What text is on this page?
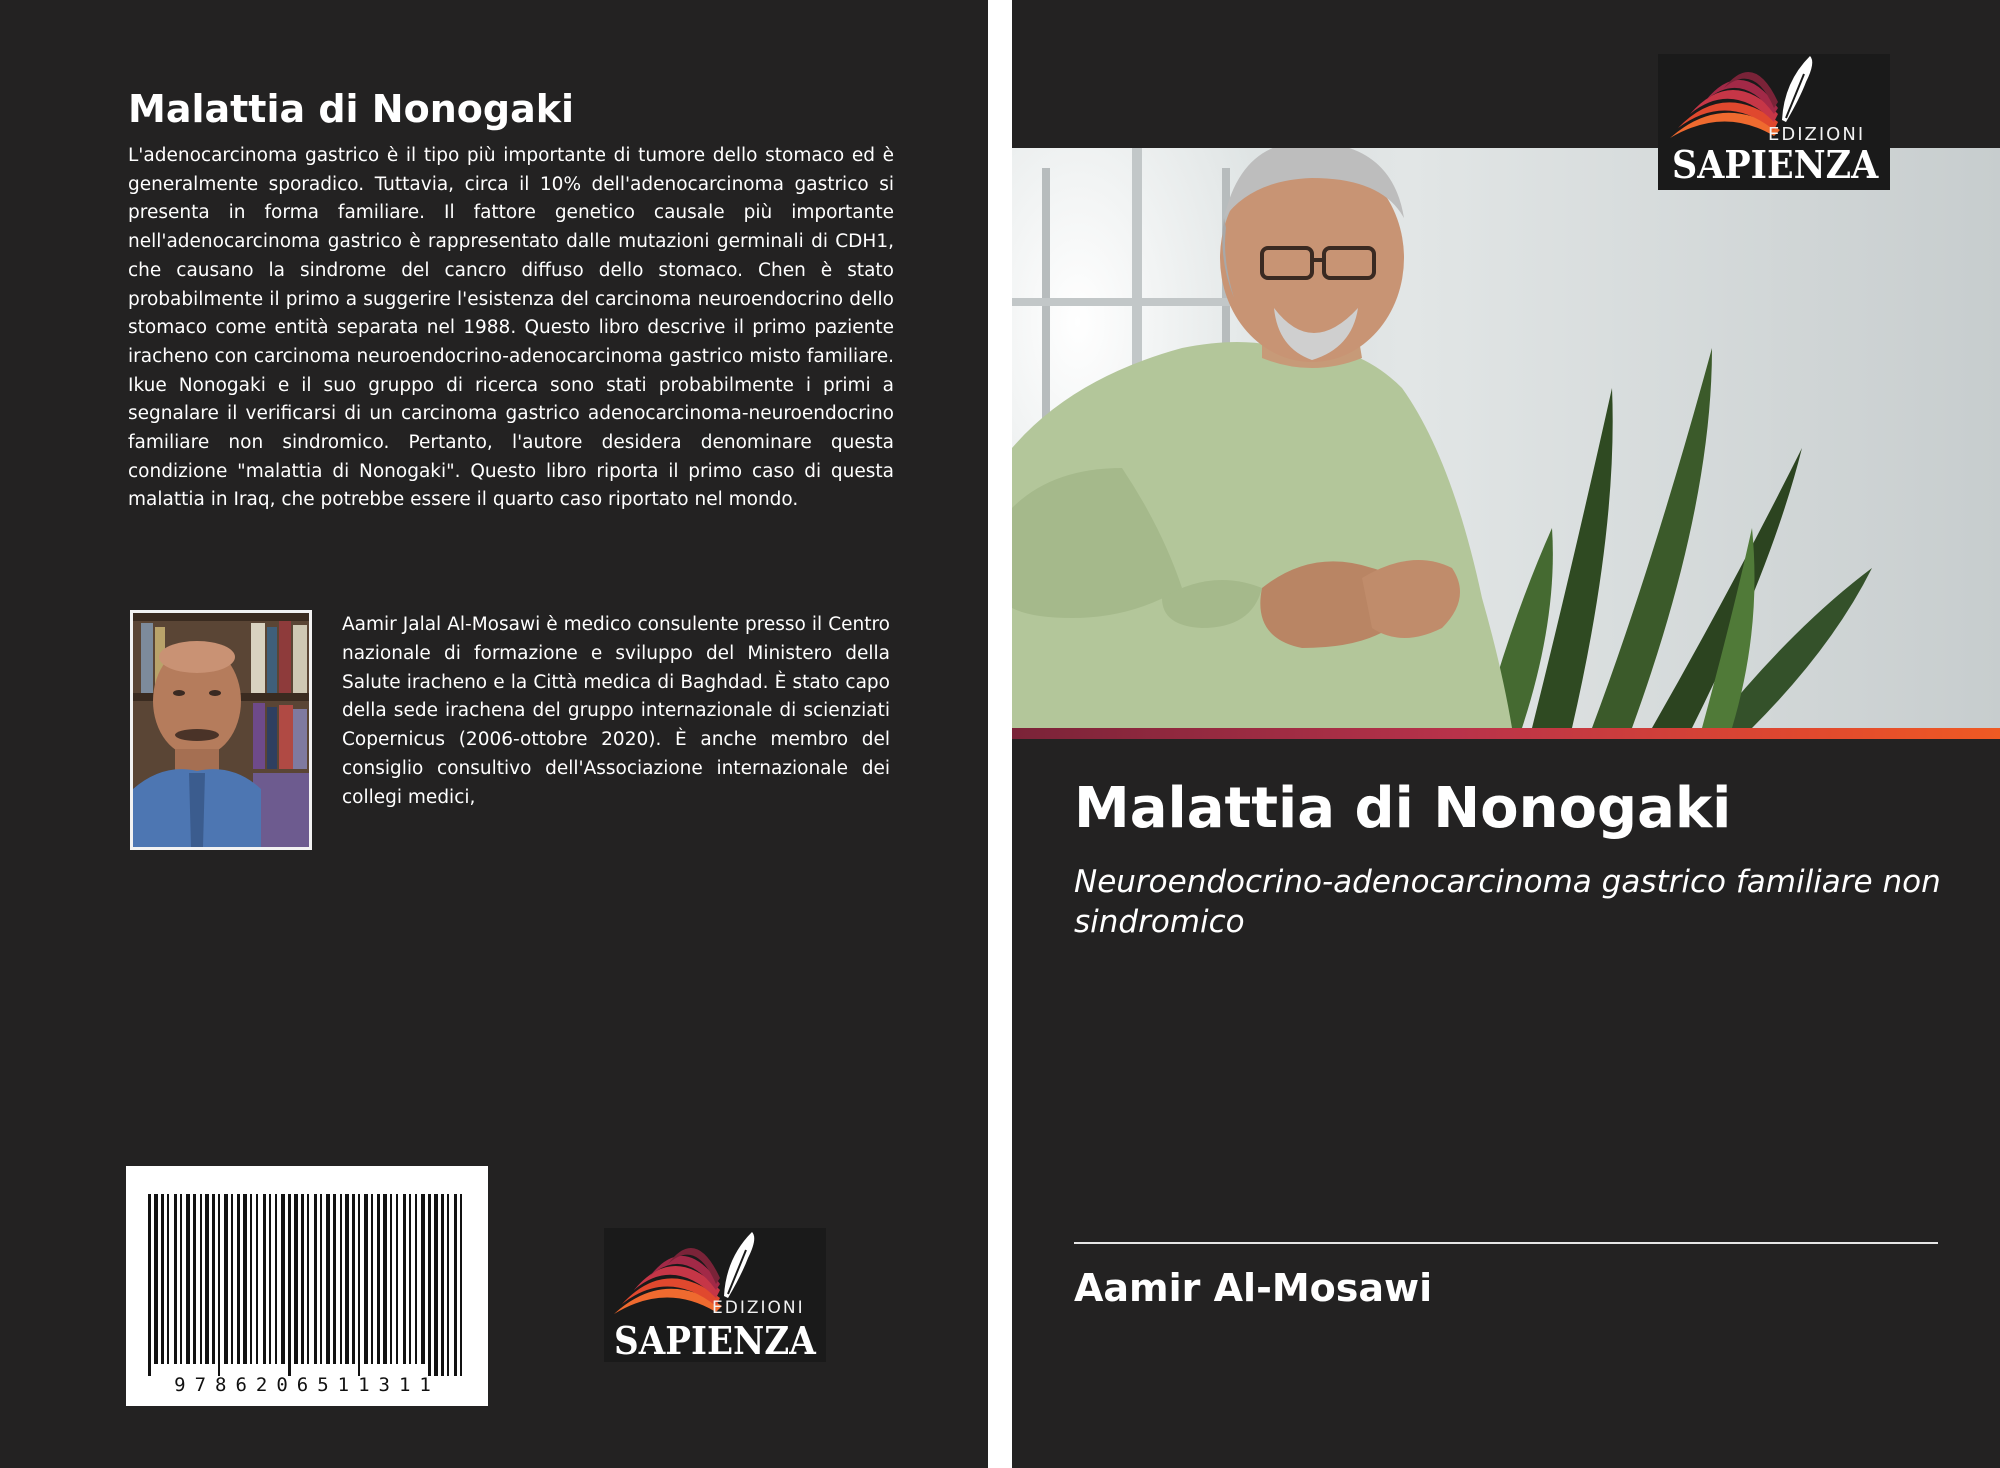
Malattia di Nonogaki

L'adenocarcinoma gastrico è il tipo più importante di tumore dello stomaco ed è generalmente sporadico. Tuttavia, circa il 10% dell'adenocarcinoma gastrico si presenta in forma familiare. Il fattore genetico causale più importante nell'adenocarcinoma gastrico è rappresentato dalle mutazioni germinali di CDH1, che causano la sindrome del cancro diffuso dello stomaco. Chen è stato probabilmente il primo a suggerire l'esistenza del carcinoma neuroendocrino dello stomaco come entità separata nel 1988. Questo libro descrive il primo paziente iracheno con carcinoma neuroendocrino-adenocarcinoma gastrico misto familiare. Ikue Nonogaki e il suo gruppo di ricerca sono stati probabilmente i primi a segnalare il verificarsi di un carcinoma gastrico adenocarcinoma-neuroendocrino familiare non sindromico. Pertanto, l'autore desidera denominare questa condizione "malattia di Nonogaki". Questo libro riporta il primo caso di questa malattia in Iraq, che potrebbe essere il quarto caso riportato nel mondo.

Aamir Jalal Al-Mosawi è medico consulente presso il Centro nazionale di formazione e sviluppo del Ministero della Salute iracheno e la Città medica di Baghdad. È stato capo della sede irachena del gruppo internazionale di scienziati Copernicus (2006-ottobre 2020). È anche membro del consiglio consultivo dell'Associazione internazionale dei collegi medici,

9786206511311

EDIZIONI

SAPIENZA

Malattia di Nonogaki

Neuroendocrino-adenocarcinoma gastrico familiare non sindromico

Aamir Al-Mosawi

EDIZIONI

SAPIENZA
